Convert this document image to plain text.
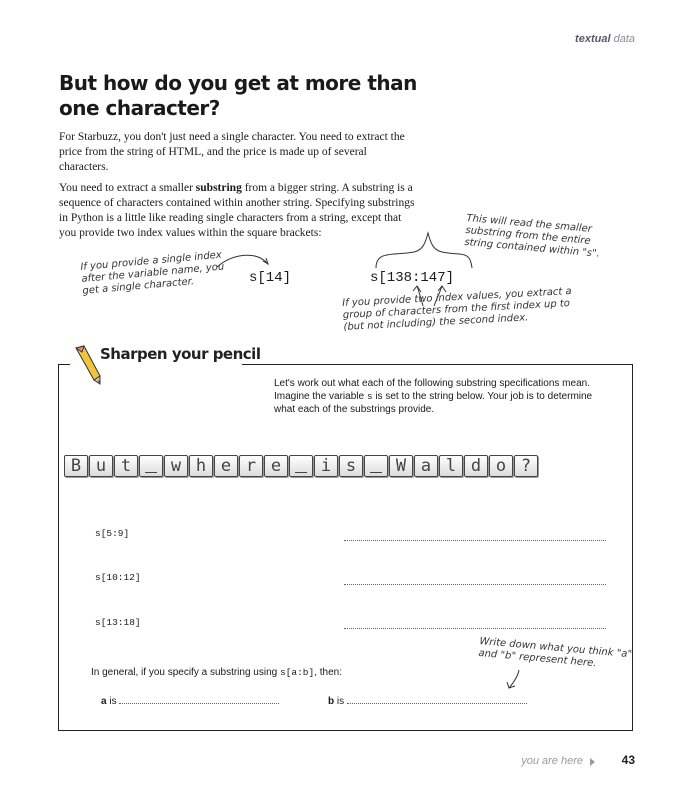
textual data
But how do you get at more than
one character?

For Starbuzz, you don't just need a single character. You need to extract the price from the string of HTML, and the price is made up of several characters.

You need to extract a smaller substring from a bigger string. A substring is a sequence of characters contained within another string. Specifying substrings in Python is a little like reading single characters from a string, except that you provide two index values within the square brackets:

If you provide a single index after the variable name, you get a single character.
This will read the smaller substring from the entire string contained within "s".
If you provide two index values, you extract a group of characters from the first index up to (but not including) the second index.
s[14]	s[138:147]
Sharpen your pencil

Let's work out what each of the following substring specifications mean. Imagine the variable s is set to the string below. Your job is to determine what each of the substrings provide.

B u t w h e r e i s W a l d o ?
s[5:9]
s[10:12]
s[13:18]
Write down what you think "a" and "b" represent here.
In general, if you specify a substring using s[a:b], then:
a is	b is
you are here	43
